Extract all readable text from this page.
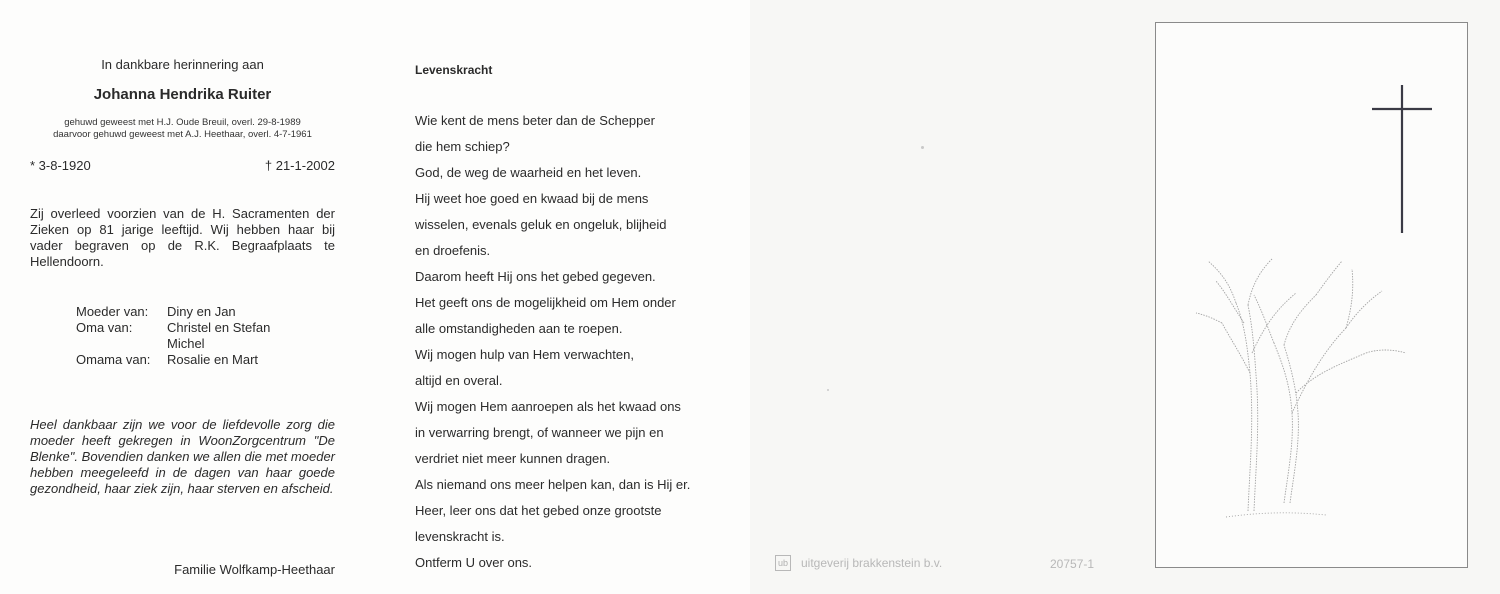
In dankbare herinnering aan
Johanna Hendrika Ruiter
gehuwd geweest met H.J. Oude Breuil, overl. 29-8-1989
daarvoor gehuwd geweest met A.J. Heethaar, overl. 4-7-1961
* 3-8-1920	† 21-1-2002
Zij overleed voorzien van de H. Sacramenten der Zieken op 81 jarige leeftijd. Wij hebben haar bij vader begraven op de R.K. Begraafplaats te Hellendoorn.
Moeder van:	Diny en Jan
Oma van:	Christel en Stefan
Michel
Omama van:	Rosalie en Mart
Heel dankbaar zijn we voor de liefdevolle zorg die moeder heeft gekregen in WoonZorgcentrum "De Blenke". Bovendien danken we allen die met moeder hebben meegeleefd in de dagen van haar goede gezondheid, haar ziek zijn, haar sterven en afscheid.
Familie Wolfkamp-Heethaar
Levenskracht
Wie kent de mens beter dan de Schepper
die hem schiep?
God, de weg de waarheid en het leven.
Hij weet hoe goed en kwaad bij de mens
wisselen, evenals geluk en ongeluk, blijheid
en droefenis.
Daarom heeft Hij ons het gebed gegeven.
Het geeft ons de mogelijkheid om Hem onder
alle omstandigheden aan te roepen.
Wij mogen hulp van Hem verwachten,
altijd en overal.
Wij mogen Hem aanroepen als het kwaad ons
in verwarring brengt, of wanneer we pijn en
verdriet niet meer kunnen dragen.
Als niemand ons meer helpen kan, dan is Hij er.
Heer, leer ons dat het gebed onze grootste
levenskracht is.
Ontferm U over ons.	ub uitgeverij brakkenstein b.v.	20757-1
